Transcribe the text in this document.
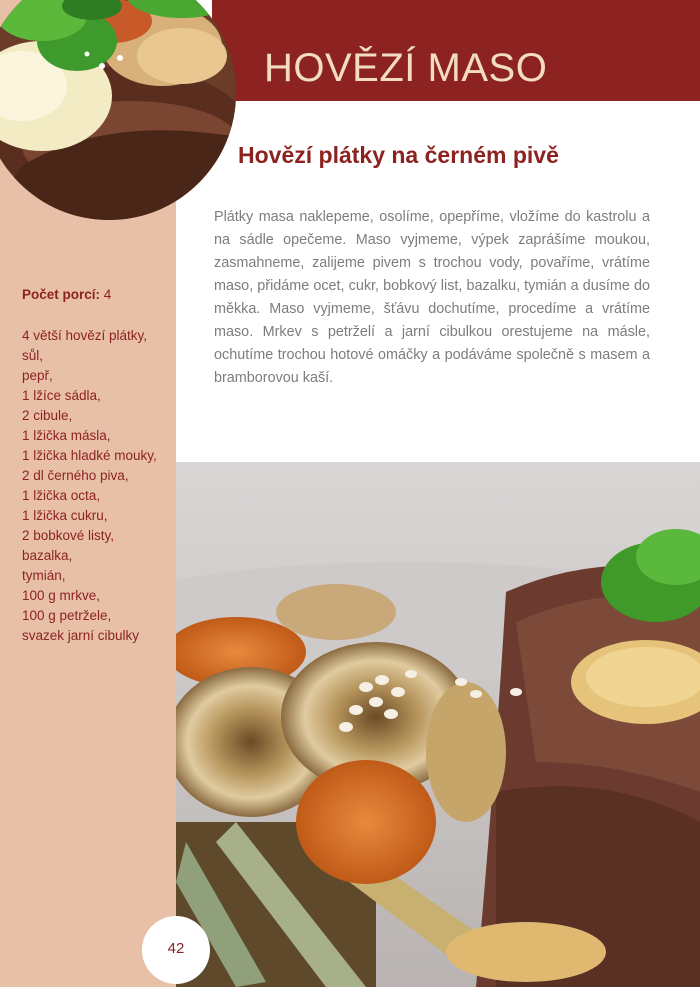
HOVĚZÍ MASO
Hovězí plátky na černém pivě

Plátky masa naklepeme, osolíme, opepříme, vložíme do kastrolu a na sádle opečeme. Maso vyjmeme, výpek zaprášíme moukou, zasmahneme, zalijeme pivem s trochou vody, povaříme, vrátíme maso, přidáme ocet, cukr, bobkový list, bazalku, tymián a dusíme do měkka. Maso vyjmeme, šťávu dochutíme, procedíme a vrátíme maso. Mrkev s petrželí a jarní cibulkou orestujeme na másle, ochutíme trochou hotové omáčky a podáváme společně s masem a bramborovou kaší.

Počet porcí: 4
4 větší hovězí plátky,
sůl,
pepř,
1 lžíce sádla,
2 cibule,
1 lžička másla,
1 lžička hladké mouky,
2 dl černého piva,
1 lžička octa,
1 lžička cukru,
2 bobkové listy,
bazalka,
tymián,
100 g mrkve,
100 g petržele,
svazek jarní cibulky
42
